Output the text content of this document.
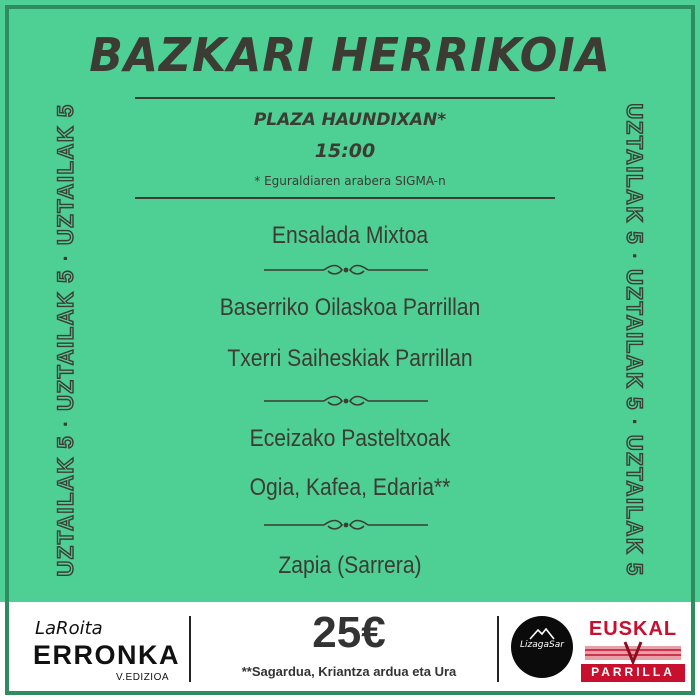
BAZKARI HERRIKOIA
PLAZA HAUNDIXAN*
15:00
* Eguraldiaren arabera SIGMA-n
Ensalada Mixtoa
Baserriko Oilaskoa Parrillan
Txerri Saiheskiak Parrillan
Eceizako Pasteltxoak
Ogia, Kafea, Edaria**
Zapia (Sarrera)
UZTAILAK 5 · UZTAILAK 5 · UZTAILAK 5	UZTAILAK 5 · UZTAILAK 5 · UZTAILAK 5
LaRoita
ERRONKA
V.EDIZIOA
25€
**Sagardua, Kriantza ardua eta Ura
LizagaSar
EUSKAL
PARRILLA
